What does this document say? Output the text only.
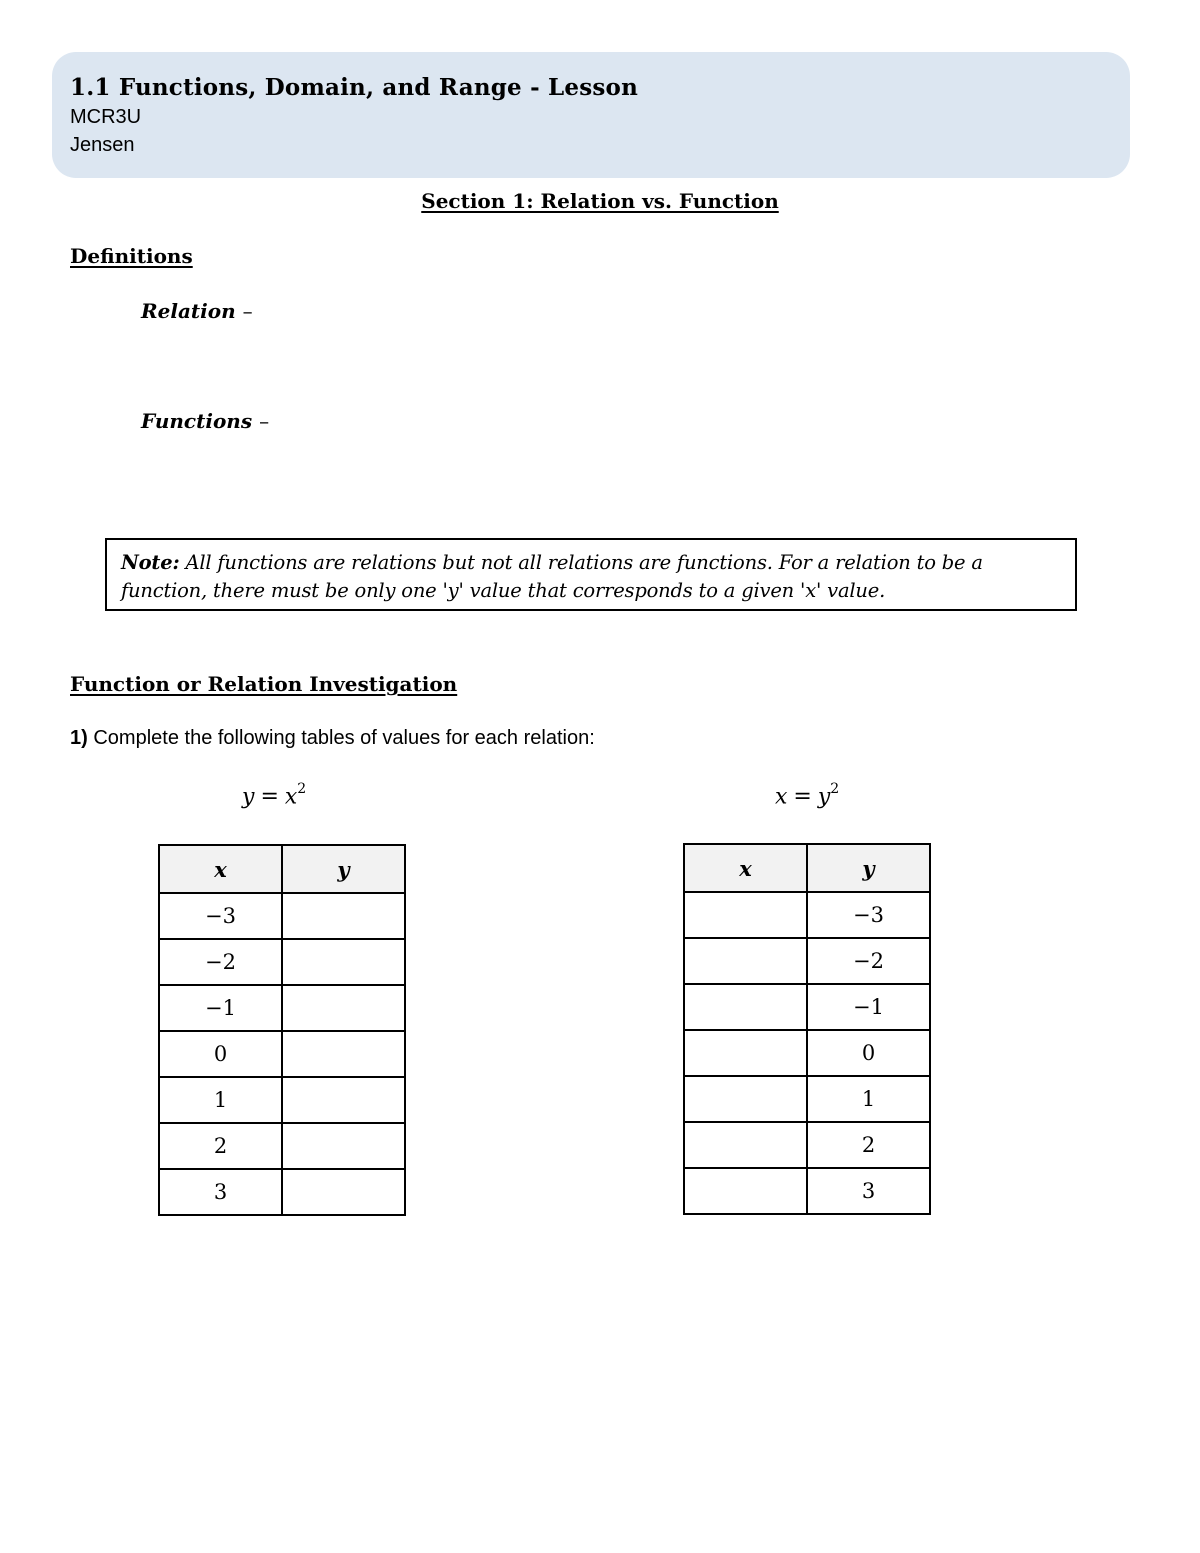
1.1 Functions, Domain, and Range - Lesson
MCR3U
Jensen
Section 1: Relation vs. Function
Definitions
Relation –
Functions –
Note: All functions are relations but not all relations are functions. For a relation to be a function, there must be only one 'y' value that corresponds to a given 'x' value.
Function or Relation Investigation
1) Complete the following tables of values for each relation:
$y = x^2$	$x = y^2$
x	y
−3	
−2	
−1	
0	
1	
2	
3	
x	y
	−3
	−2
	−1
	0
	1
	2
	3
